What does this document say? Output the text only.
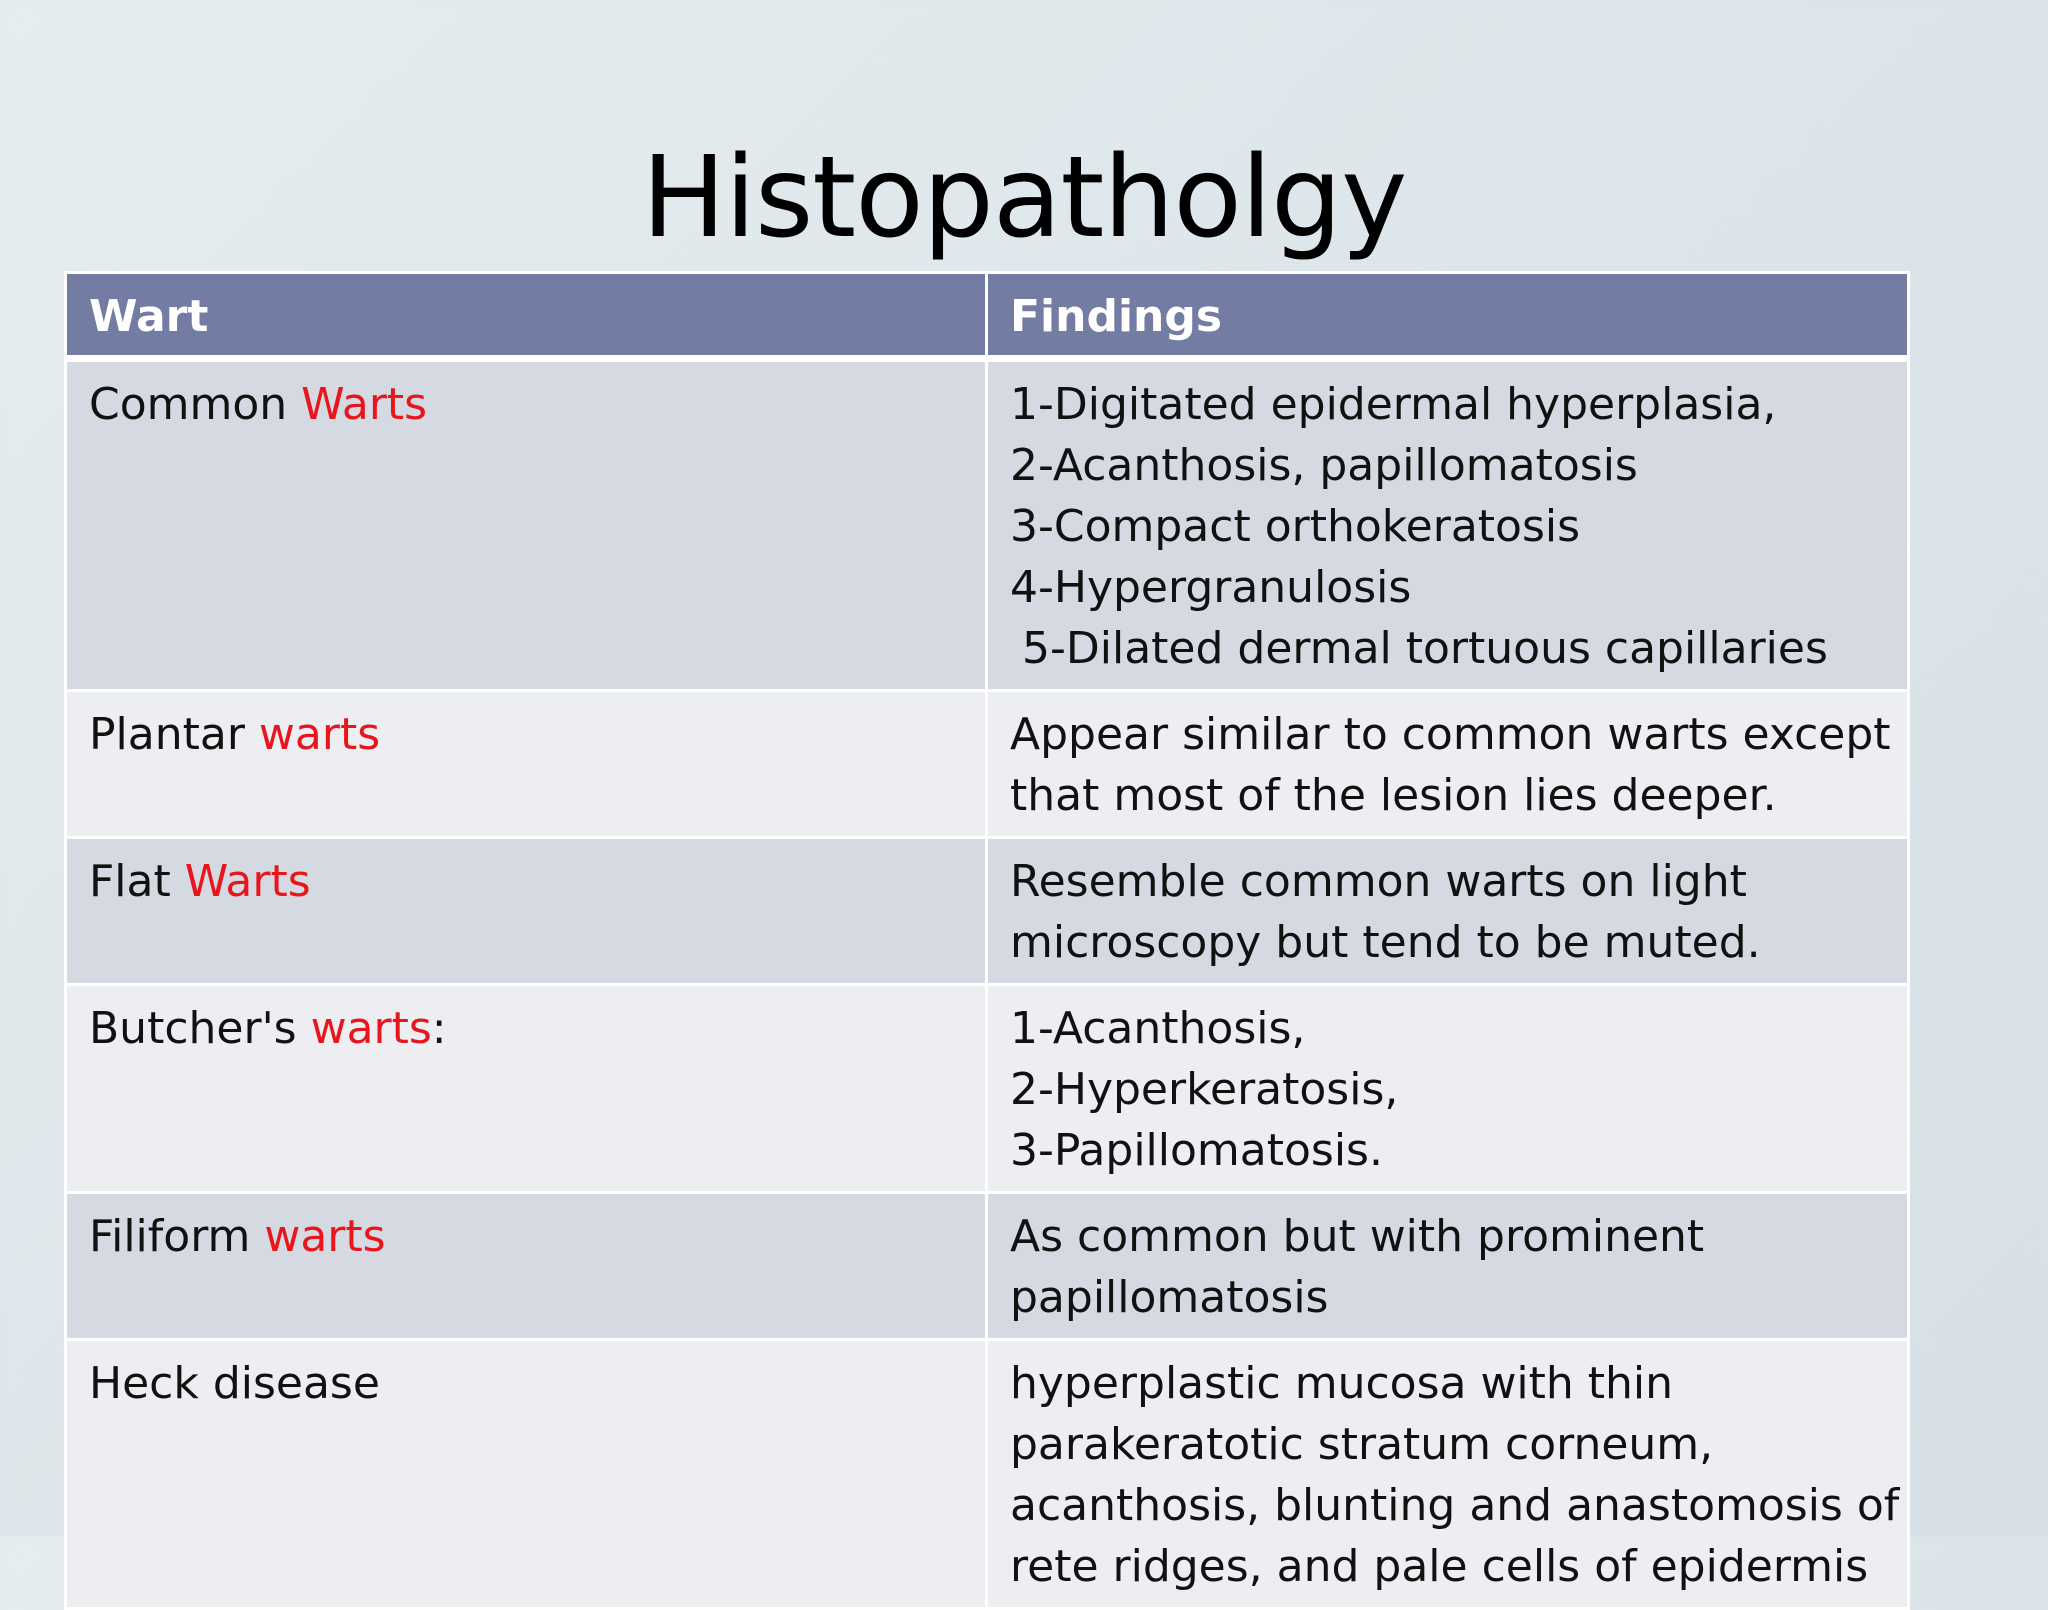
Histopatholgy
Wart	Findings
Common Warts	1-Digitated epidermal hyperplasia,
2-Acanthosis, papillomatosis
3-Compact orthokeratosis
4-Hypergranulosis
5-Dilated dermal tortuous capillaries

Plantar warts	Appear similar to common warts except
that most of the lesion lies deeper.

Flat Warts	Resemble common warts on light
microscopy but tend to be muted.

Butcher's warts:	1-Acanthosis,
2-Hyperkeratosis,
3-Papillomatosis.

Filiform warts	As common but with prominent
papillomatosis

Heck disease	hyperplastic mucosa with thin
parakeratotic stratum corneum,
acanthosis, blunting and anastomosis of
rete ridges, and pale cells of epidermis
